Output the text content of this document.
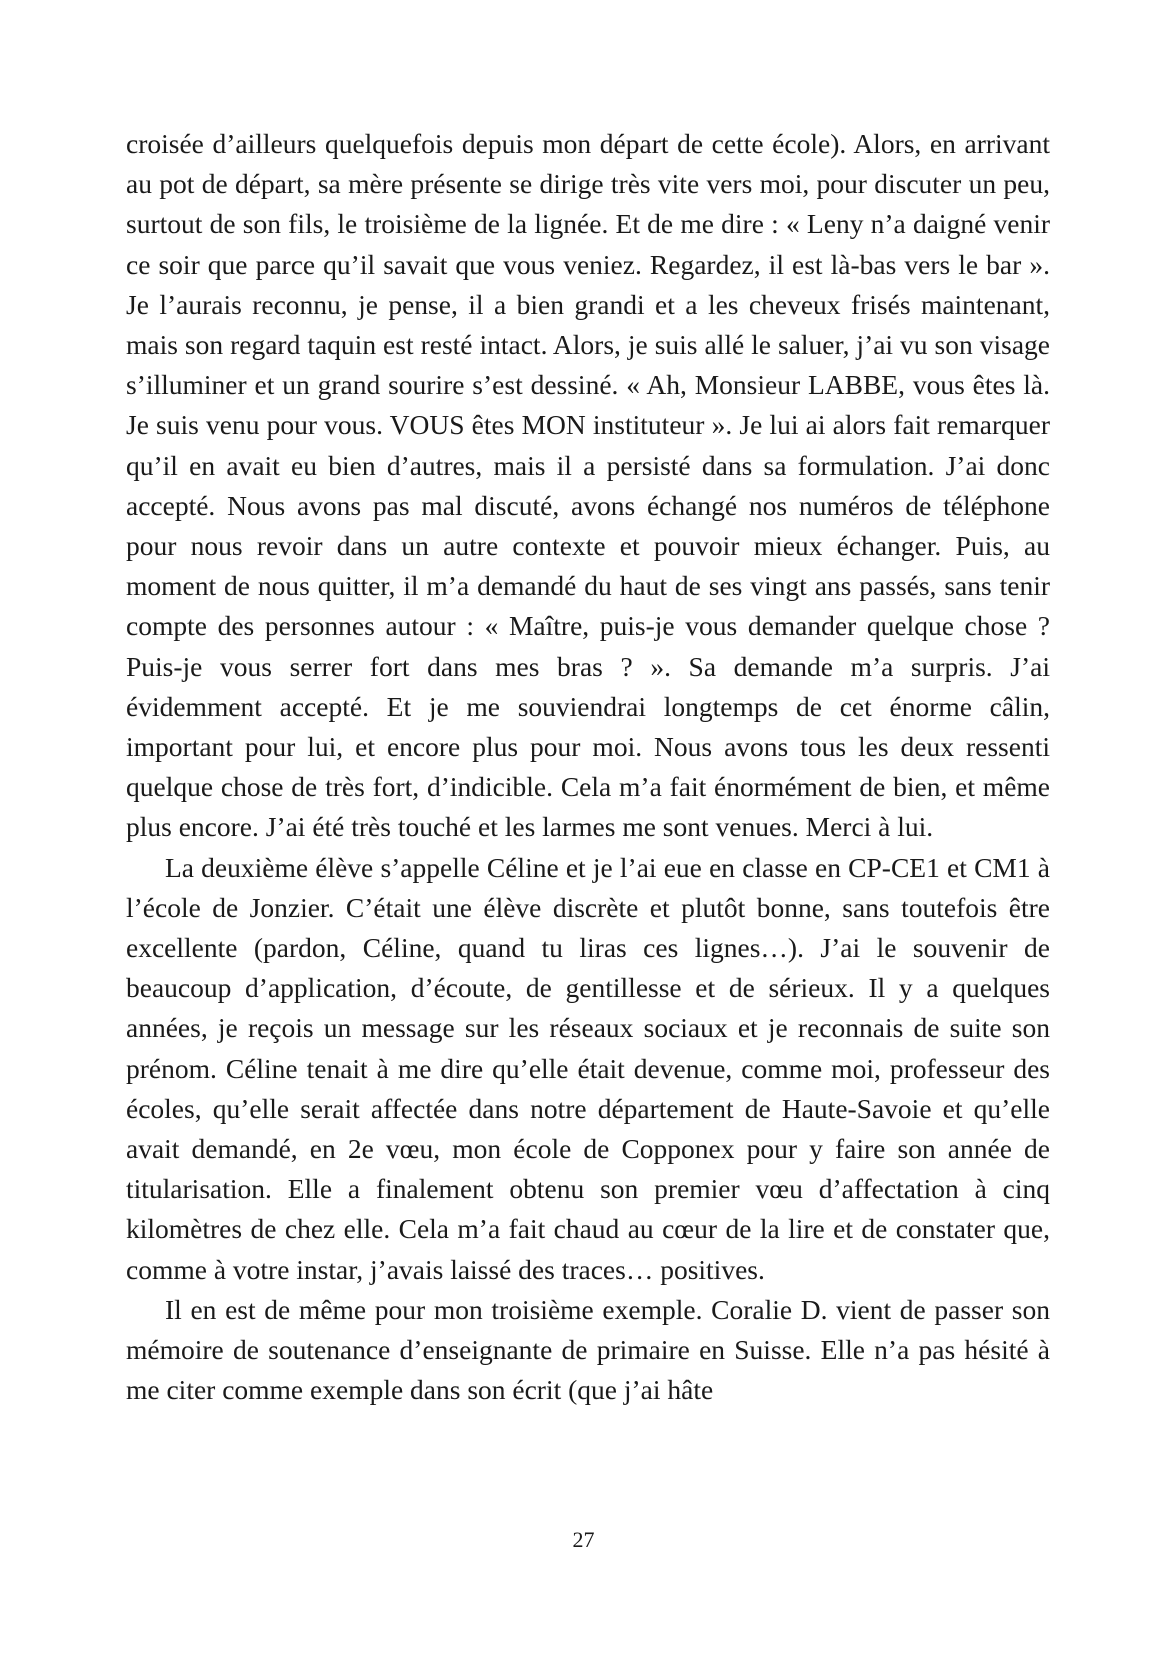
croisée d’ailleurs quelquefois depuis mon départ de cette école). Alors, en arrivant au pot de départ, sa mère présente se dirige très vite vers moi, pour discuter un peu, surtout de son fils, le troisième de la lignée. Et de me dire : « Leny n’a daigné venir ce soir que parce qu’il savait que vous veniez. Regardez, il est là-bas vers le bar ». Je l’aurais reconnu, je pense, il a bien grandi et a les cheveux frisés maintenant, mais son regard taquin est resté intact. Alors, je suis allé le saluer, j’ai vu son visage s’illuminer et un grand sourire s’est dessiné. « Ah, Monsieur LABBE, vous êtes là. Je suis venu pour vous. VOUS êtes MON instituteur ». Je lui ai alors fait remarquer qu’il en avait eu bien d’autres, mais il a persisté dans sa formulation. J’ai donc accepté. Nous avons pas mal discuté, avons échangé nos numéros de téléphone pour nous revoir dans un autre contexte et pouvoir mieux échanger. Puis, au moment de nous quitter, il m’a demandé du haut de ses vingt ans passés, sans tenir compte des personnes autour : « Maître, puis-je vous demander quelque chose ? Puis-je vous serrer fort dans mes bras ? ». Sa demande m’a surpris. J’ai évidemment accepté. Et je me souviendrai longtemps de cet énorme câlin, important pour lui, et encore plus pour moi. Nous avons tous les deux ressenti quelque chose de très fort, d’indicible. Cela m’a fait énormément de bien, et même plus encore. J’ai été très touché et les larmes me sont venues. Merci à lui.

La deuxième élève s’appelle Céline et je l’ai eue en classe en CP-CE1 et CM1 à l’école de Jonzier. C’était une élève discrète et plutôt bonne, sans toutefois être excellente (pardon, Céline, quand tu liras ces lignes…). J’ai le souvenir de beaucoup d’application, d’écoute, de gentillesse et de sérieux. Il y a quelques années, je reçois un message sur les réseaux sociaux et je reconnais de suite son prénom. Céline tenait à me dire qu’elle était devenue, comme moi, professeur des écoles, qu’elle serait affectée dans notre département de Haute-Savoie et qu’elle avait demandé, en 2e vœu, mon école de Copponex pour y faire son année de titularisation. Elle a finalement obtenu son premier vœu d’affectation à cinq kilomètres de chez elle. Cela m’a fait chaud au cœur de la lire et de constater que, comme à votre instar, j’avais laissé des traces… positives.

Il en est de même pour mon troisième exemple. Coralie D. vient de passer son mémoire de soutenance d’enseignante de primaire en Suisse. Elle n’a pas hésité à me citer comme exemple dans son écrit (que j’ai hâte

27
